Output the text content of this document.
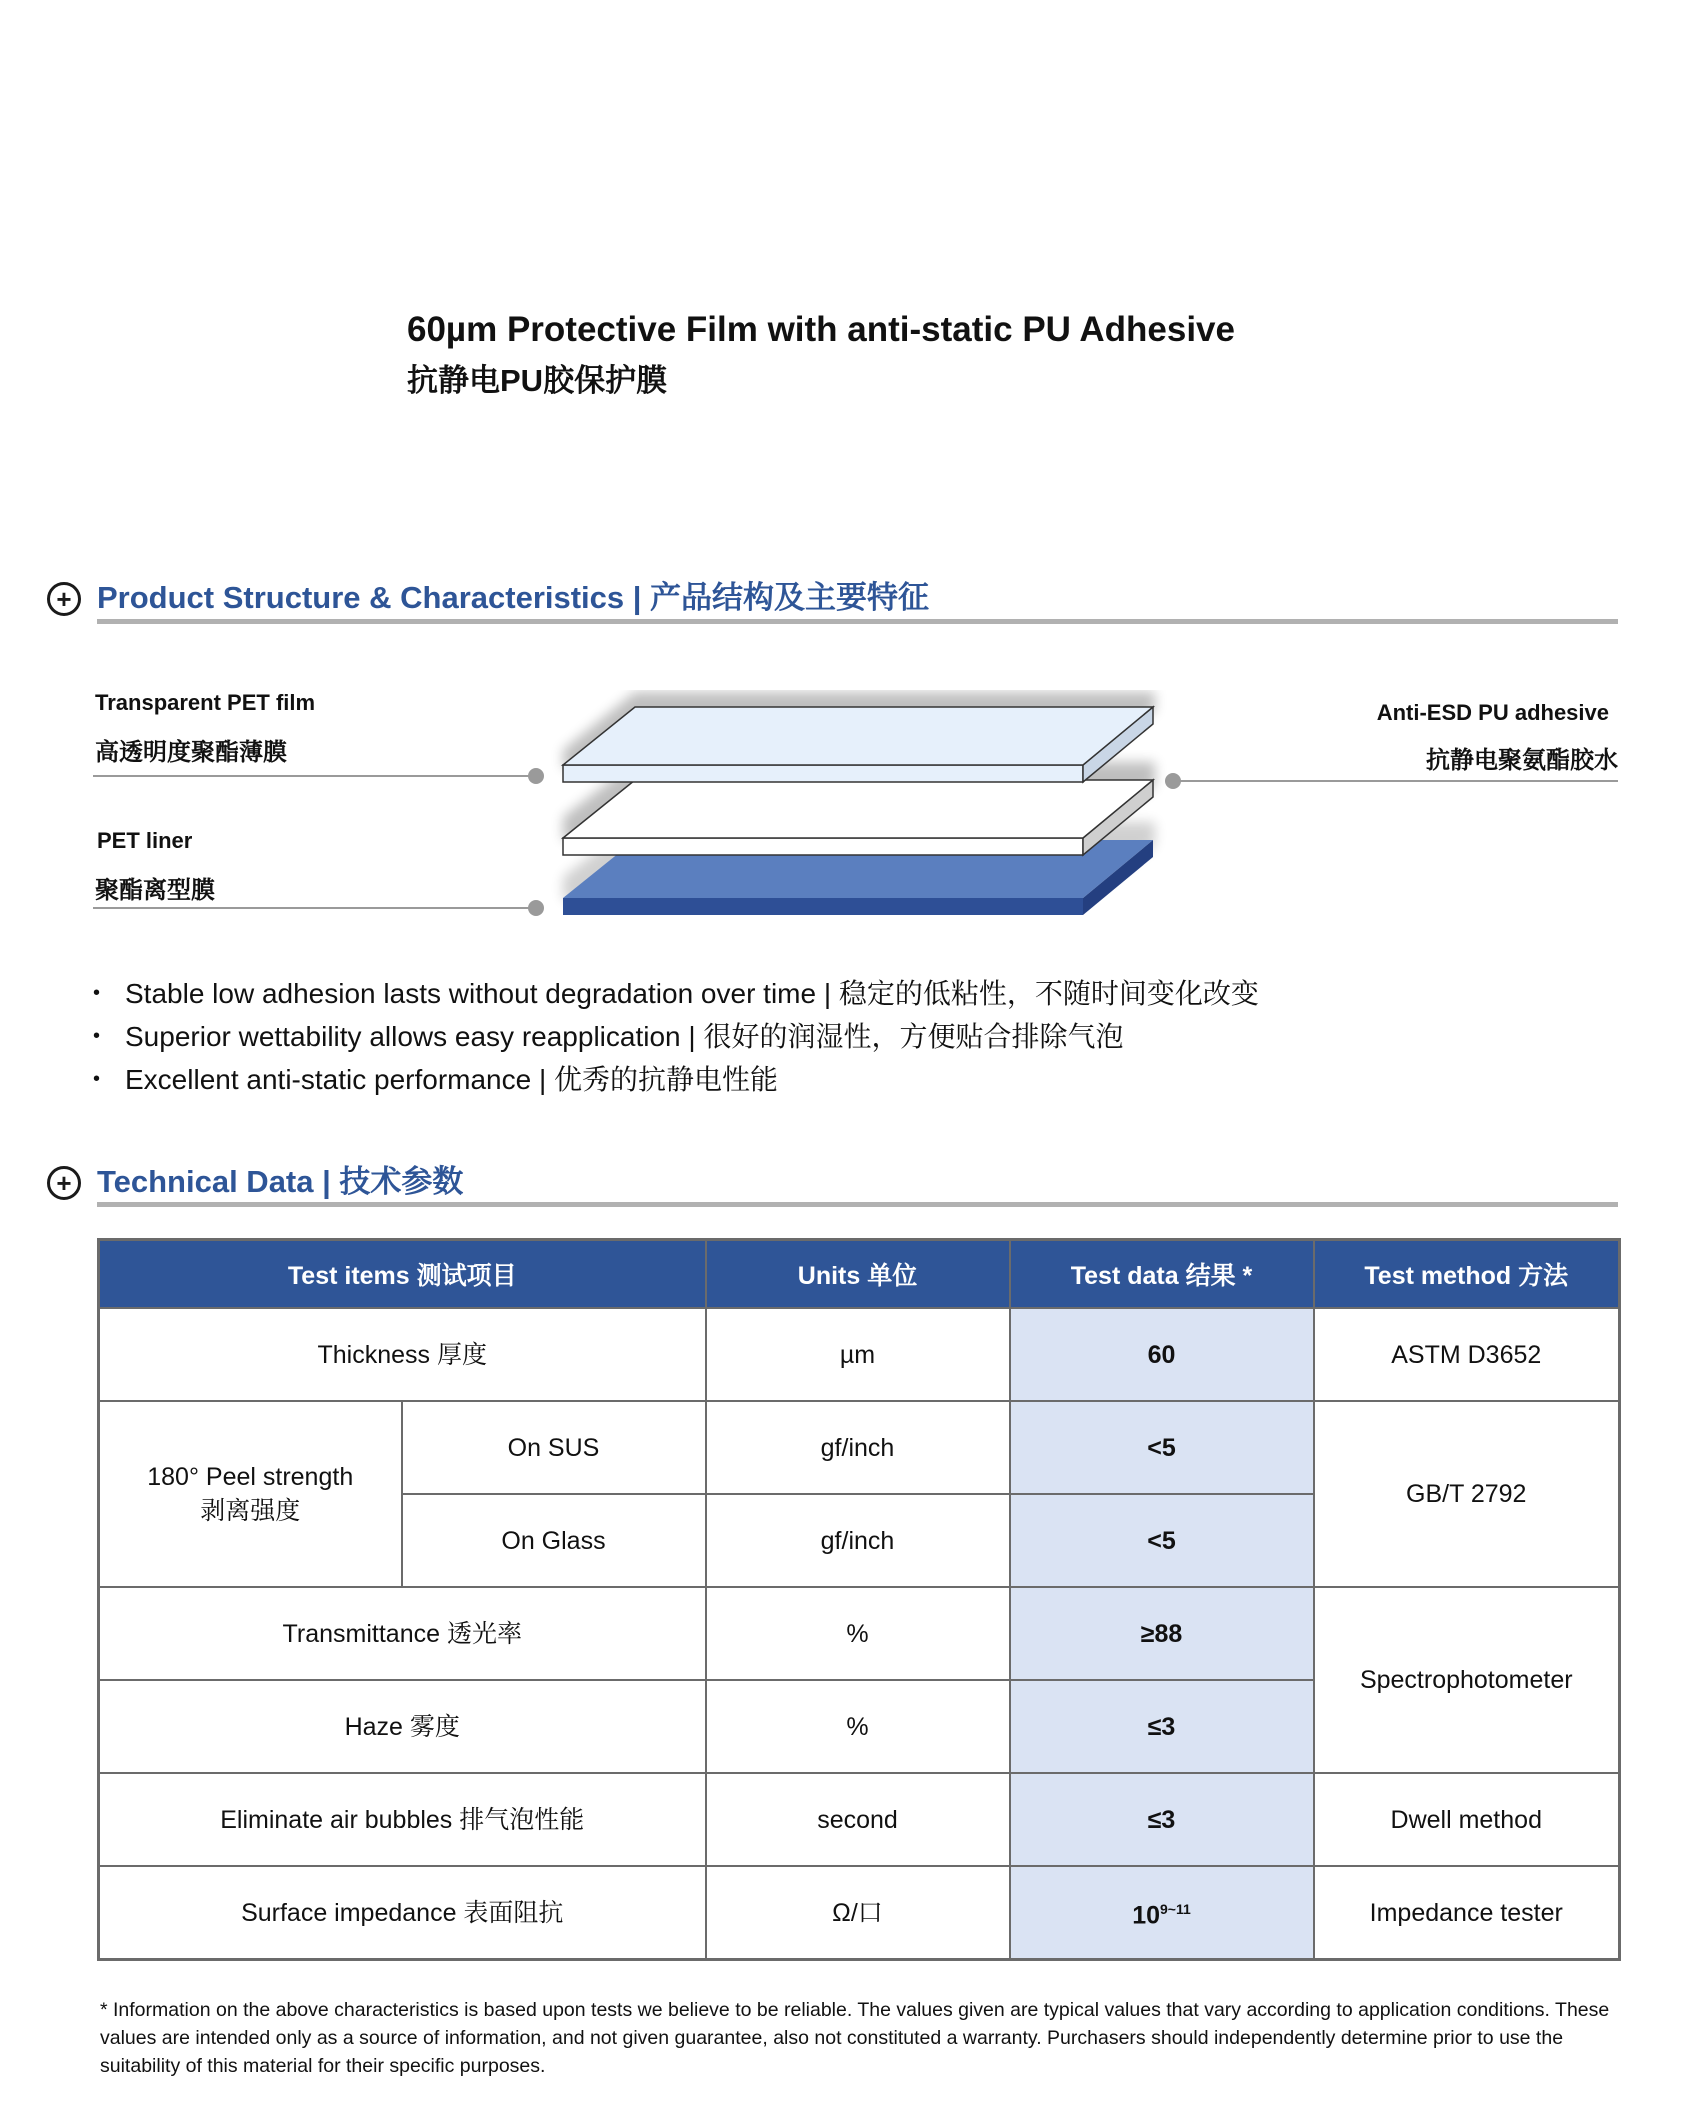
60µm Protective Film with anti-static PU Adhesive
抗静电PU胶保护膜
+ Product Structure & Characteristics | 产品结构及主要特征
Transparent PET film
高透明度聚酯薄膜
PET liner
聚酯离型膜
Anti-ESD PU adhesive
抗静电聚氨酯胶水
• Stable low adhesion lasts without degradation over time | 稳定的低粘性，不随时间变化改变
• Superior wettability allows easy reapplication | 很好的润湿性，方便贴合排除气泡
• Excellent anti-static performance | 优秀的抗静电性能
+ Technical Data | 技术参数
Test items 测试项目		Units 单位	Test data 结果 *	Test method 方法
Thickness 厚度		µm	60	ASTM D3652

180° Peel strength
剥离强度	On SUS	gf/inch	<5	GB/T 2792
	On Glass	gf/inch	<5	
Transmittance 透光率		%	≥88	Spectrophotometer
Haze 雾度		%	≤3	
Eliminate air bubbles 排气泡性能		second	≤3	Dwell method
Surface impedance 表面阻抗		Ω/口	$10^{9\sim 11}$	Impedance tester
* Information on the above characteristics is based upon tests we believe to be reliable. The values given are typical values that vary according to application conditions. These values are intended only as a source of information, and not given guarantee, also not constituted a warranty. Purchasers should independently determine prior to use the suitability of this material for their specific purposes.
